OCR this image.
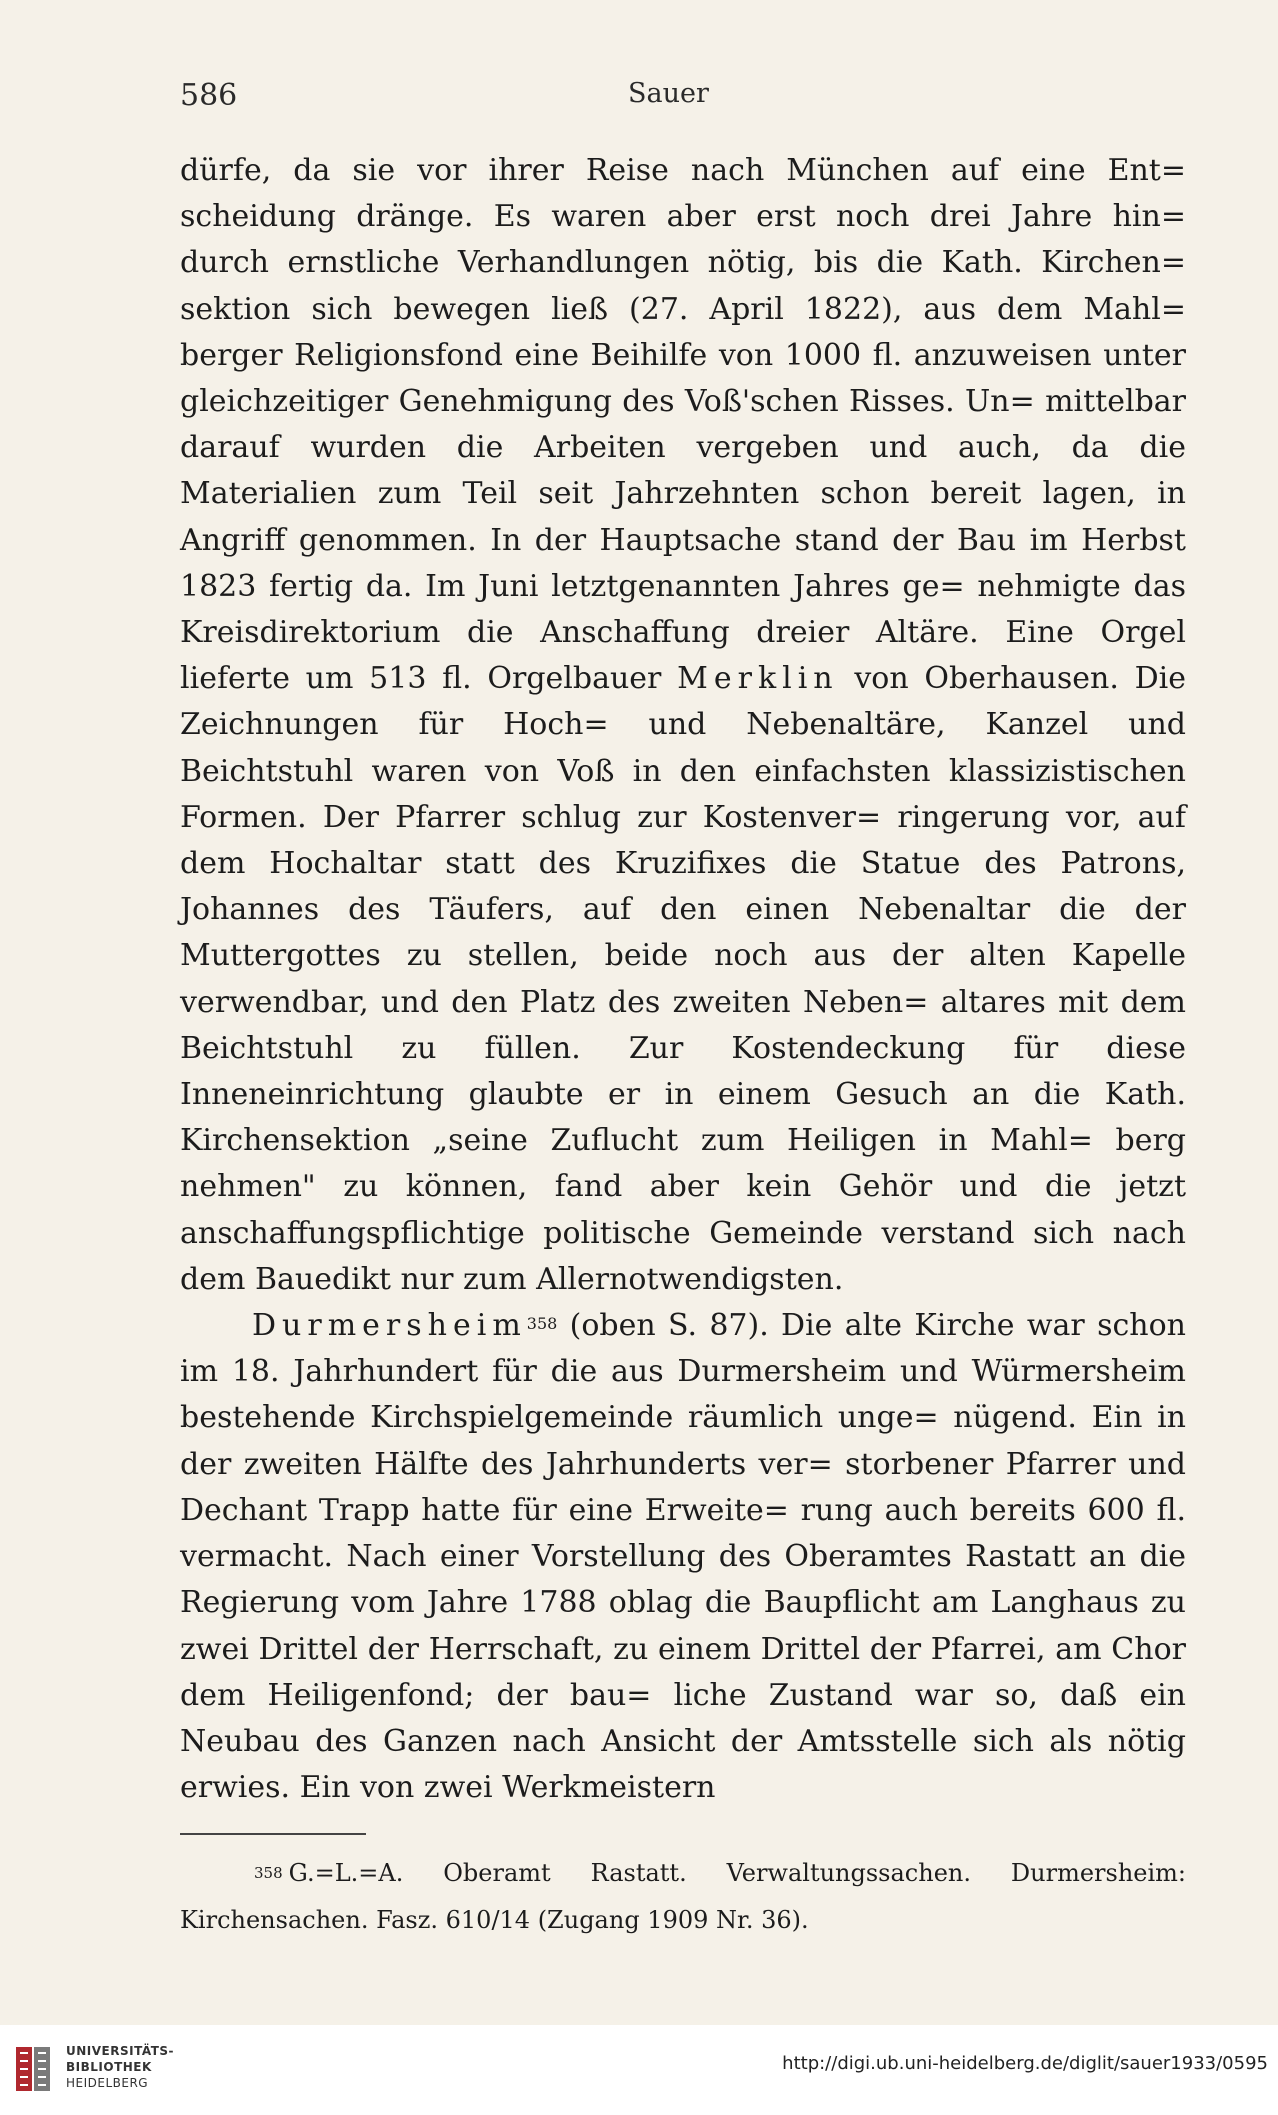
586	Sauer

dürfe, da sie vor ihrer Reise nach München auf eine Ent= scheidung dränge. Es waren aber erst noch drei Jahre hin= durch ernstliche Verhandlungen nötig, bis die Kath. Kirchen= sektion sich bewegen ließ (27. April 1822), aus dem Mahl= berger Religionsfond eine Beihilfe von 1000 fl. anzuweisen unter gleichzeitiger Genehmigung des Voß'schen Risses. Un= mittelbar darauf wurden die Arbeiten vergeben und auch, da die Materialien zum Teil seit Jahrzehnten schon bereit lagen, in Angriff genommen. In der Hauptsache stand der Bau im Herbst 1823 fertig da. Im Juni letztgenannten Jahres ge= nehmigte das Kreisdirektorium die Anschaffung dreier Altäre. Eine Orgel lieferte um 513 fl. Orgelbauer Merklin von Oberhausen. Die Zeichnungen für Hoch= und Nebenaltäre, Kanzel und Beichtstuhl waren von Voß in den einfachsten klassizistischen Formen. Der Pfarrer schlug zur Kostenver= ringerung vor, auf dem Hochaltar statt des Kruzifixes die Statue des Patrons, Johannes des Täufers, auf den einen Nebenaltar die der Muttergottes zu stellen, beide noch aus der alten Kapelle verwendbar, und den Platz des zweiten Neben= altares mit dem Beichtstuhl zu füllen. Zur Kostendeckung für diese Inneneinrichtung glaubte er in einem Gesuch an die Kath. Kirchensektion „seine Zuflucht zum Heiligen in Mahl= berg nehmen" zu können, fand aber kein Gehör und die jetzt anschaffungspflichtige politische Gemeinde verstand sich nach dem Bauedikt nur zum Allernotwendigsten.

Durmersheim$^{358}$ (oben S. 87). Die alte Kirche war schon im 18. Jahrhundert für die aus Durmersheim und Würmersheim bestehende Kirchspielgemeinde räumlich unge= nügend. Ein in der zweiten Hälfte des Jahrhunderts ver= storbener Pfarrer und Dechant Trapp hatte für eine Erweite= rung auch bereits 600 fl. vermacht. Nach einer Vorstellung des Oberamtes Rastatt an die Regierung vom Jahre 1788 oblag die Baupflicht am Langhaus zu zwei Drittel der Herrschaft, zu einem Drittel der Pfarrei, am Chor dem Heiligenfond; der bau= liche Zustand war so, daß ein Neubau des Ganzen nach Ansicht der Amtsstelle sich als nötig erwies. Ein von zwei Werkmeistern

$^{358}$ G.=L.=A. Oberamt Rastatt. Verwaltungssachen. Durmersheim: Kirchensachen. Fasz. 610/14 (Zugang 1909 Nr. 36).

UNIVERSITÄTS-
BIBLIOTHEK
HEIDELBERG
http://digi.ub.uni-heidelberg.de/diglit/sauer1933/0595
